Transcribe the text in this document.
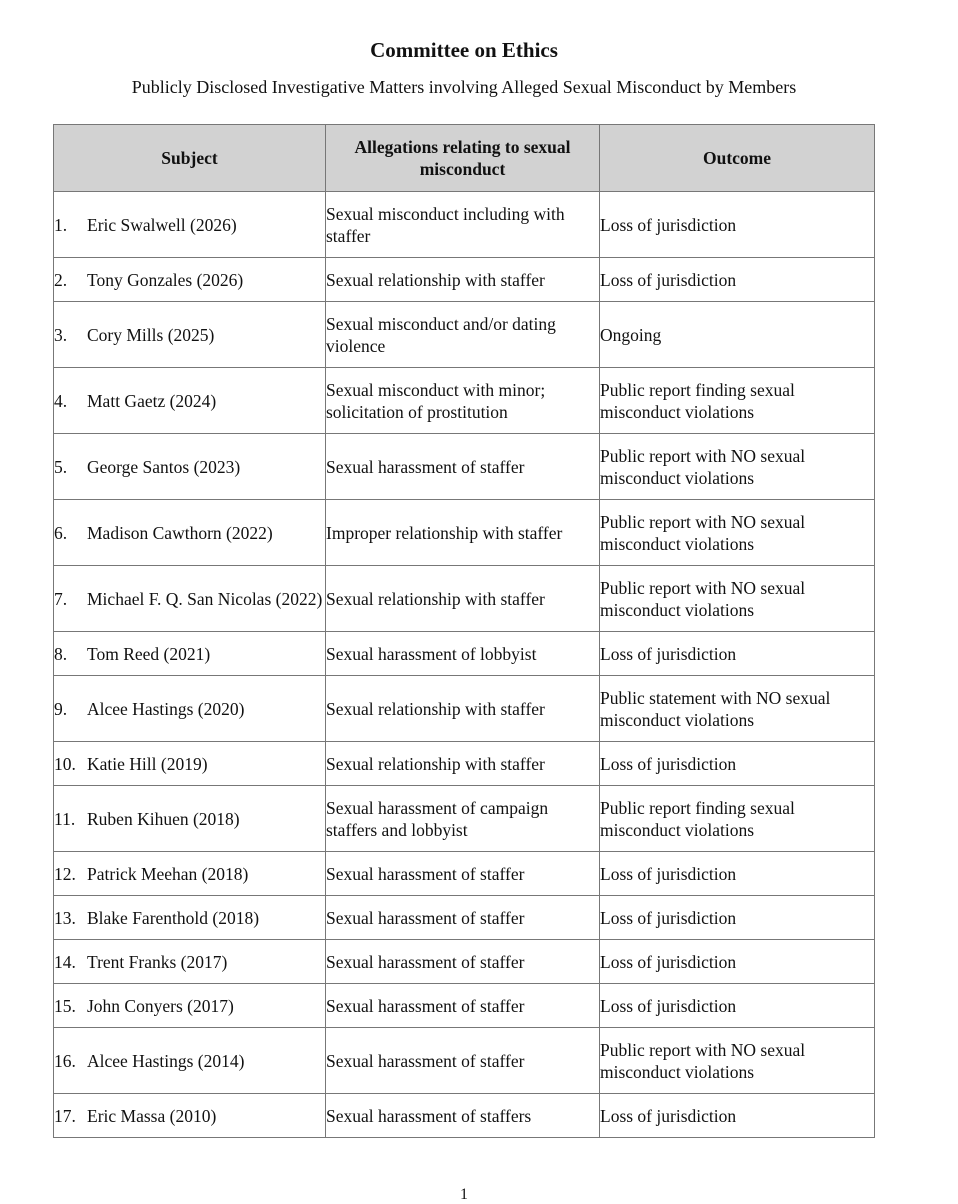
Committee on Ethics
Publicly Disclosed Investigative Matters involving Alleged Sexual Misconduct by Members
Subject	Allegations relating to sexual misconduct	Outcome

1. Eric Swalwell (2026)	Sexual misconduct including with staffer	Loss of jurisdiction

2. Tony Gonzales (2026)	Sexual relationship with staffer	Loss of jurisdiction

3. Cory Mills (2025)	Sexual misconduct and/or dating violence	Ongoing

4. Matt Gaetz (2024)	Sexual misconduct with minor; solicitation of prostitution	Public report finding sexual misconduct violations

5. George Santos (2023)	Sexual harassment of staffer	Public report with NO sexual misconduct violations

6. Madison Cawthorn (2022)	Improper relationship with staffer	Public report with NO sexual misconduct violations

7. Michael F. Q. San Nicolas (2022)	Sexual relationship with staffer	Public report with NO sexual misconduct violations

8. Tom Reed (2021)	Sexual harassment of lobbyist	Loss of jurisdiction

9. Alcee Hastings (2020)	Sexual relationship with staffer	Public statement with NO sexual misconduct violations

10. Katie Hill (2019)	Sexual relationship with staffer	Loss of jurisdiction

11. Ruben Kihuen (2018)	Sexual harassment of campaign staffers and lobbyist	Public report finding sexual misconduct violations

12. Patrick Meehan (2018)	Sexual harassment of staffer	Loss of jurisdiction

13. Blake Farenthold (2018)	Sexual harassment of staffer	Loss of jurisdiction

14. Trent Franks (2017)	Sexual harassment of staffer	Loss of jurisdiction

15. John Conyers (2017)	Sexual harassment of staffer	Loss of jurisdiction

16. Alcee Hastings (2014)	Sexual harassment of staffer	Public report with NO sexual misconduct violations

17. Eric Massa (2010)	Sexual harassment of staffers	Loss of jurisdiction
1
